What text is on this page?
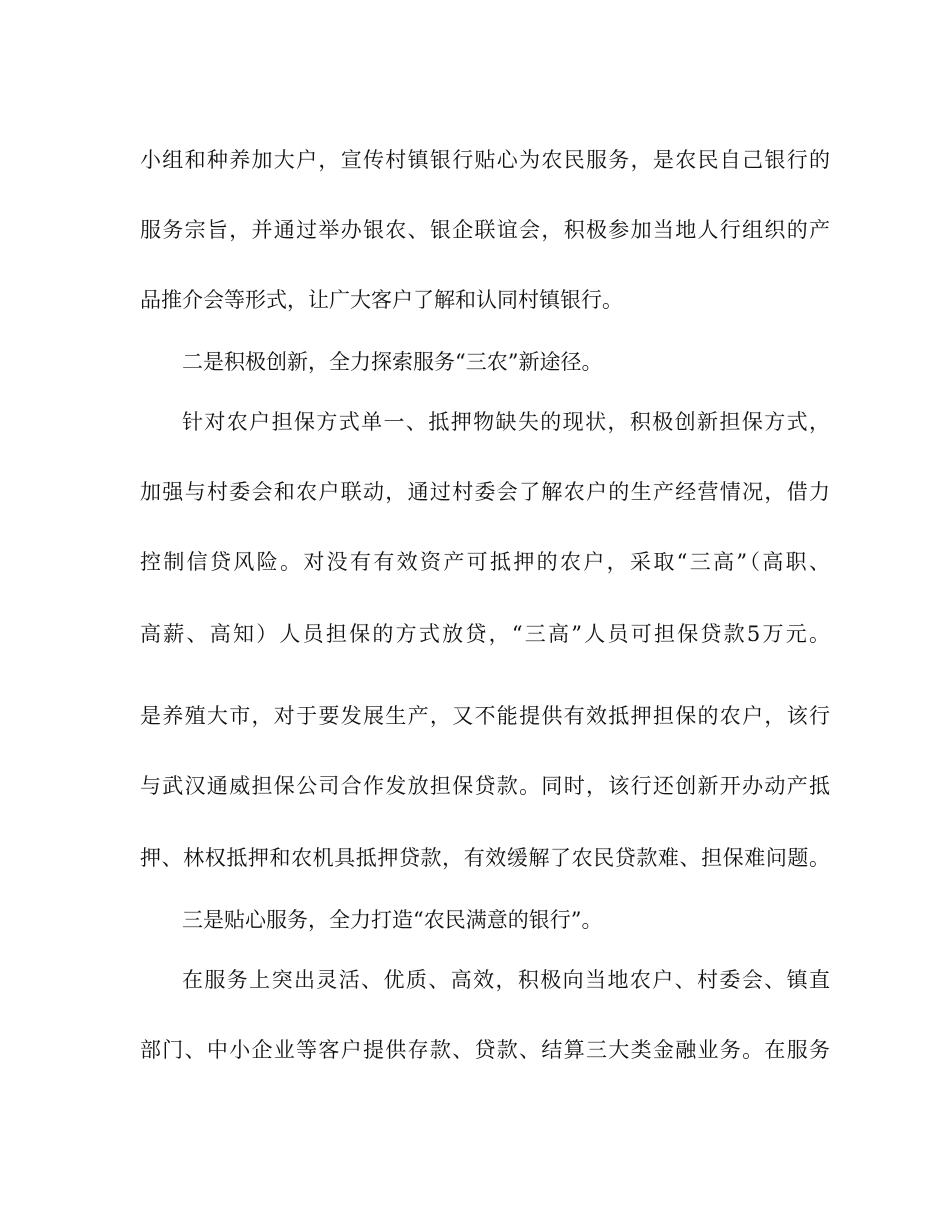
小组和种养加大户，宣传村镇银行贴心为农民服务，是农民自己银行的
服务宗旨，并通过举办银农、银企联谊会，积极参加当地人行组织的产
品推介会等形式，让广大客户了解和认同村镇银行。
二是积极创新，全力探索服务“三农”新途径。
针对农户担保方式单一、抵押物缺失的现状，积极创新担保方式，
加强与村委会和农户联动，通过村委会了解农户的生产经营情况，借力
控制信贷风险。对没有有效资产可抵押的农户，采取“三高”（高职、
高薪、高知）人员担保的方式放贷，“三高”人员可担保贷款5万元。
是养殖大市，对于要发展生产，又不能提供有效抵押担保的农户，该行
与武汉通威担保公司合作发放担保贷款。同时，该行还创新开办动产抵
押、林权抵押和农机具抵押贷款，有效缓解了农民贷款难、担保难问题。
三是贴心服务，全力打造“农民满意的银行”。
在服务上突出灵活、优质、高效，积极向当地农户、村委会、镇直
部门、中小企业等客户提供存款、贷款、结算三大类金融业务。在服务
